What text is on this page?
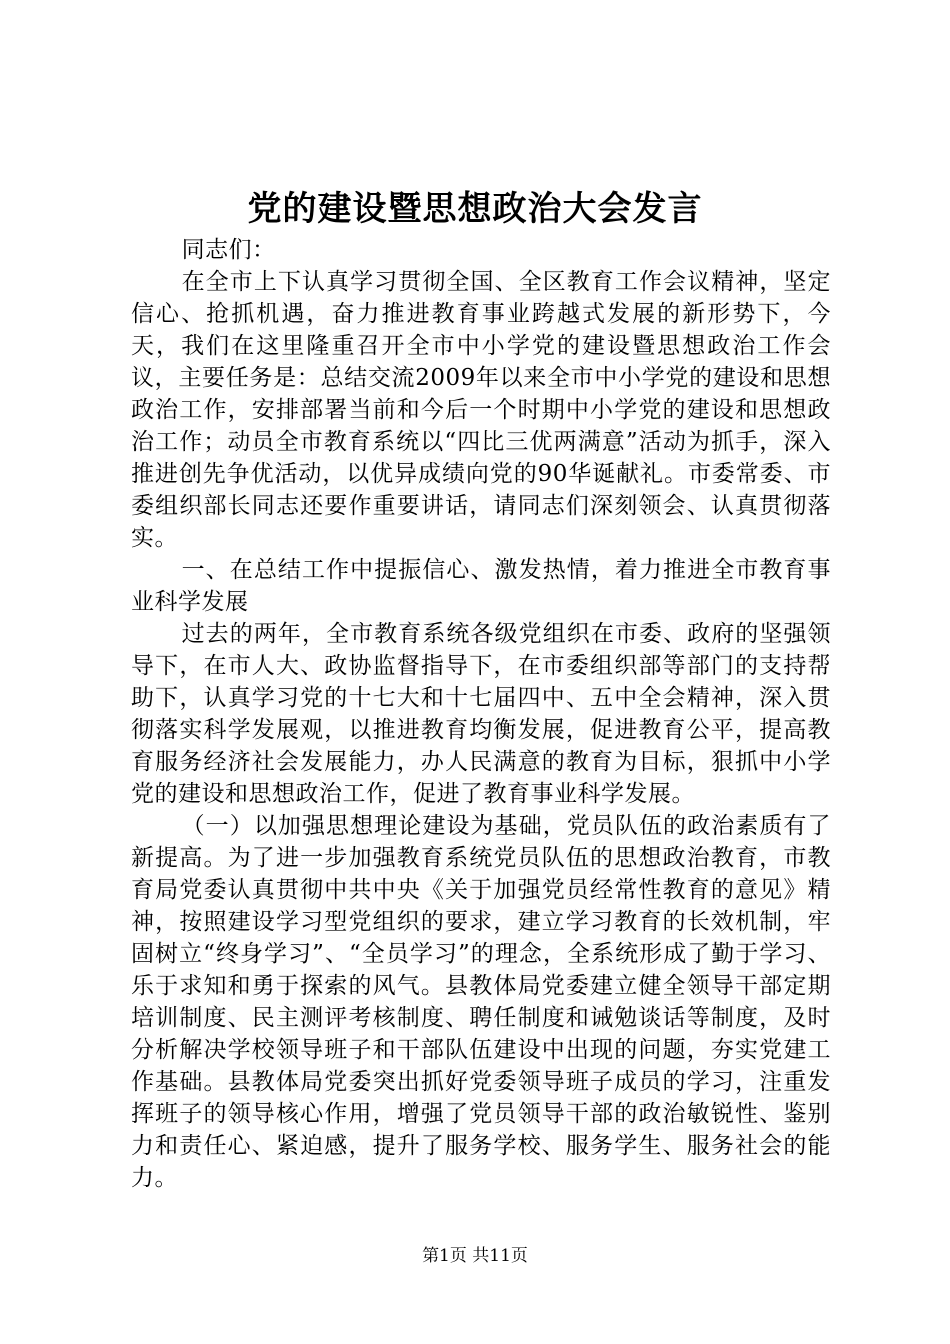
党的建设暨思想政治大会发言

同志们：

在全市上下认真学习贯彻全国、全区教育工作会议精神，坚定信心、抢抓机遇，奋力推进教育事业跨越式发展的新形势下，今天，我们在这里隆重召开全市中小学党的建设暨思想政治工作会议，主要任务是：总结交流2009年以来全市中小学党的建设和思想政治工作，安排部署当前和今后一个时期中小学党的建设和思想政治工作；动员全市教育系统以“四比三优两满意”活动为抓手，深入推进创先争优活动，以优异成绩向党的90华诞献礼。市委常委、市委组织部长同志还要作重要讲话，请同志们深刻领会、认真贯彻落实。

一、在总结工作中提振信心、激发热情，着力推进全市教育事业科学发展

过去的两年，全市教育系统各级党组织在市委、政府的坚强领导下，在市人大、政协监督指导下，在市委组织部等部门的支持帮助下，认真学习党的十七大和十七届四中、五中全会精神，深入贯彻落实科学发展观，以推进教育均衡发展，促进教育公平，提高教育服务经济社会发展能力，办人民满意的教育为目标，狠抓中小学党的建设和思想政治工作，促进了教育事业科学发展。

（一）以加强思想理论建设为基础，党员队伍的政治素质有了新提高。为了进一步加强教育系统党员队伍的思想政治教育，市教育局党委认真贯彻中共中央《关于加强党员经常性教育的意见》精神，按照建设学习型党组织的要求，建立学习教育的长效机制，牢固树立“终身学习”、“全员学习”的理念，全系统形成了勤于学习、乐于求知和勇于探索的风气。县教体局党委建立健全领导干部定期培训制度、民主测评考核制度、聘任制度和诫勉谈话等制度，及时分析解决学校领导班子和干部队伍建设中出现的问题，夯实党建工作基础。县教体局党委突出抓好党委领导班子成员的学习，注重发挥班子的领导核心作用，增强了党员领导干部的政治敏锐性、鉴别力和责任心、紧迫感，提升了服务学校、服务学生、服务社会的能力。

第1页 共11页
